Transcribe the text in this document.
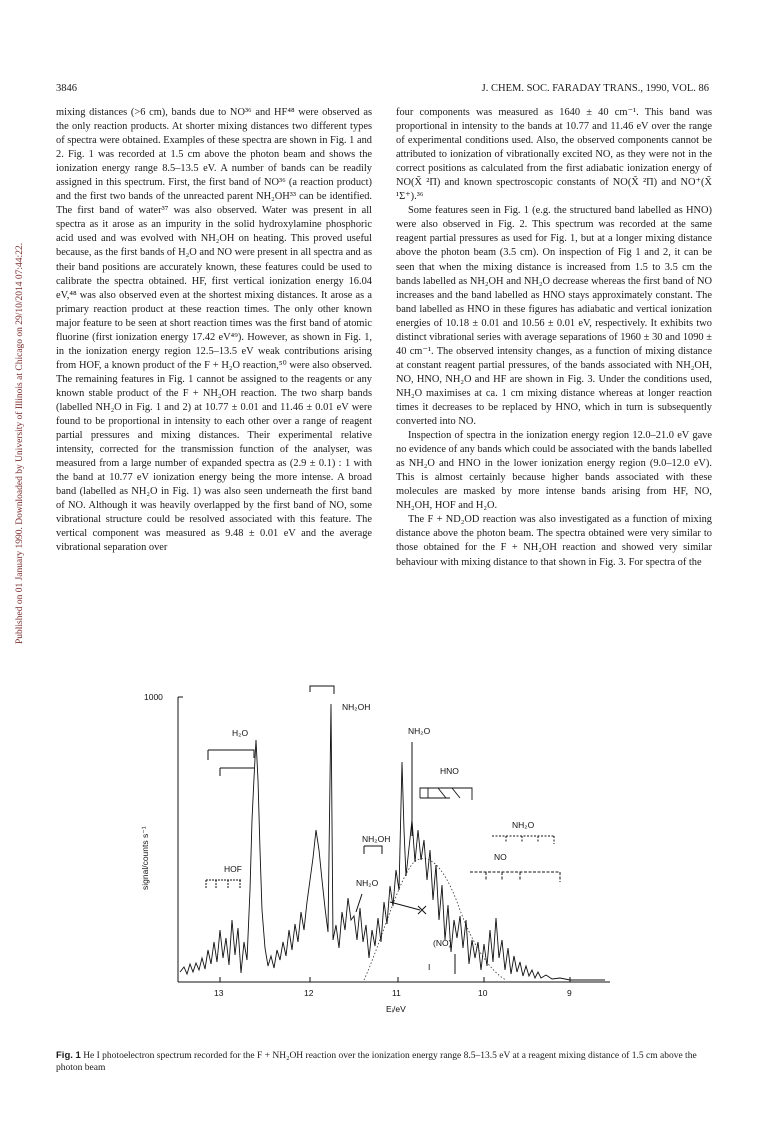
3846	J. CHEM. SOC. FARADAY TRANS., 1990, VOL. 86
Published on 01 January 1990. Downloaded by University of Illinois at Chicago on 29/10/2014 07:44:22.

mixing distances (>6 cm), bands due to NO³⁶ and HF⁴⁸ were observed as the only reaction products. At shorter mixing distances two different types of spectra were obtained. Examples of these spectra are shown in Fig. 1 and 2. Fig. 1 was recorded at 1.5 cm above the photon beam and shows the ionization energy range 8.5–13.5 eV. A number of bands can be readily assigned in this spectrum. First, the first band of NO³⁶ (a reaction product) and the first two bands of the unreacted parent NH₂OH³³ can be identified. The first band of water³⁷ was also observed. Water was present in all spectra as it arose as an impurity in the solid hydroxylamine phosphoric acid used and was evolved with NH₂OH on heating. This proved useful because, as the first bands of H₂O and NO were present in all spectra and as their band positions are accurately known, these features could be used to calibrate the spectra obtained. HF, first vertical ionization energy 16.04 eV,⁴⁸ was also observed even at the shortest mixing distances. It arose as a primary reaction product at these reaction times. The only other known major feature to be seen at short reaction times was the first band of atomic fluorine (first ionization energy 17.42 eV⁴⁹). However, as shown in Fig. 1, in the ionization energy region 12.5–13.5 eV weak contributions arising from HOF, a known product of the F + H₂O reaction,⁵⁰ were also observed. The remaining features in Fig. 1 cannot be assigned to the reagents or any known stable product of the F + NH₂OH reaction. The two sharp bands (labelled NH₂O in Fig. 1 and 2) at 10.77 ± 0.01 and 11.46 ± 0.01 eV were found to be proportional in intensity to each other over a range of reagent partial pressures and mixing distances. Their experimental relative intensity, corrected for the transmission function of the analyser, was measured from a large number of expanded spectra as (2.9 ± 0.1) : 1 with the band at 10.77 eV ionization energy being the more intense. A broad band (labelled as NH₂O in Fig. 1) was also seen underneath the first band of NO. Although it was heavily overlapped by the first band of NO, some vibrational structure could be resolved associated with this feature. The vertical component was measured as 9.48 ± 0.01 eV and the average vibrational separation over

four components was measured as 1640 ± 40 cm⁻¹. This band was proportional in intensity to the bands at 10.77 and 11.46 eV over the range of experimental conditions used. Also, the observed components cannot be attributed to ionization of vibrationally excited NO, as they were not in the correct positions as calculated from the first adiabatic ionization energy of NO(X̃ ²Π) and known spectroscopic constants of NO(X̃ ²Π) and NO⁺(X̃ ¹Σ⁺).³⁶

Some features seen in Fig. 1 (e.g. the structured band labelled as HNO) were also observed in Fig. 2. This spectrum was recorded at the same reagent partial pressures as used for Fig. 1, but at a longer mixing distance above the photon beam (3.5 cm). On inspection of Fig 1 and 2, it can be seen that when the mixing distance is increased from 1.5 to 3.5 cm the bands labelled as NH₂OH and NH₂O decrease whereas the first band of NO increases and the band labelled as HNO stays approximately constant. The band labelled as HNO in these figures has adiabatic and vertical ionization energies of 10.18 ± 0.01 and 10.56 ± 0.01 eV, respectively. It exhibits two distinct vibrational series with average separations of 1960 ± 30 and 1090 ± 40 cm⁻¹. The observed intensity changes, as a function of mixing distance at constant reagent partial pressures, of the bands associated with NH₂OH, NO, HNO, NH₂O and HF are shown in Fig. 3. Under the conditions used, NH₂O maximises at ca. 1 cm mixing distance whereas at longer reaction times it decreases to be replaced by HNO, which in turn is subsequently converted into NO.

Inspection of spectra in the ionization energy region 12.0–21.0 eV gave no evidence of any bands which could be associated with the bands labelled as NH₂O and HNO in the lower ionization energy region (9.0–12.0 eV). This is almost certainly because higher bands associated with these molecules are masked by more intense bands arising from HF, NO, NH₂OH, HOF and H₂O.

The F + ND₂OD reaction was also investigated as a function of mixing distance above the photon beam. The spectra obtained were very similar to those obtained for the F + NH₂OH reaction and showed very similar behaviour with mixing distance to that shown in Fig. 3. For spectra of the

1000
signal/counts s⁻¹
13	12	11	10	9
Eᵢ/eV
NH₂OH
H₂O	NH₂O
HNO
NH₂O
NH₂OH
NO
HOF
NH₂O
(NO)
I
Fig. 1 He I photoelectron spectrum recorded for the F + NH₂OH reaction over the ionization energy range 8.5–13.5 eV at a reagent mixing distance of 1.5 cm above the photon beam
